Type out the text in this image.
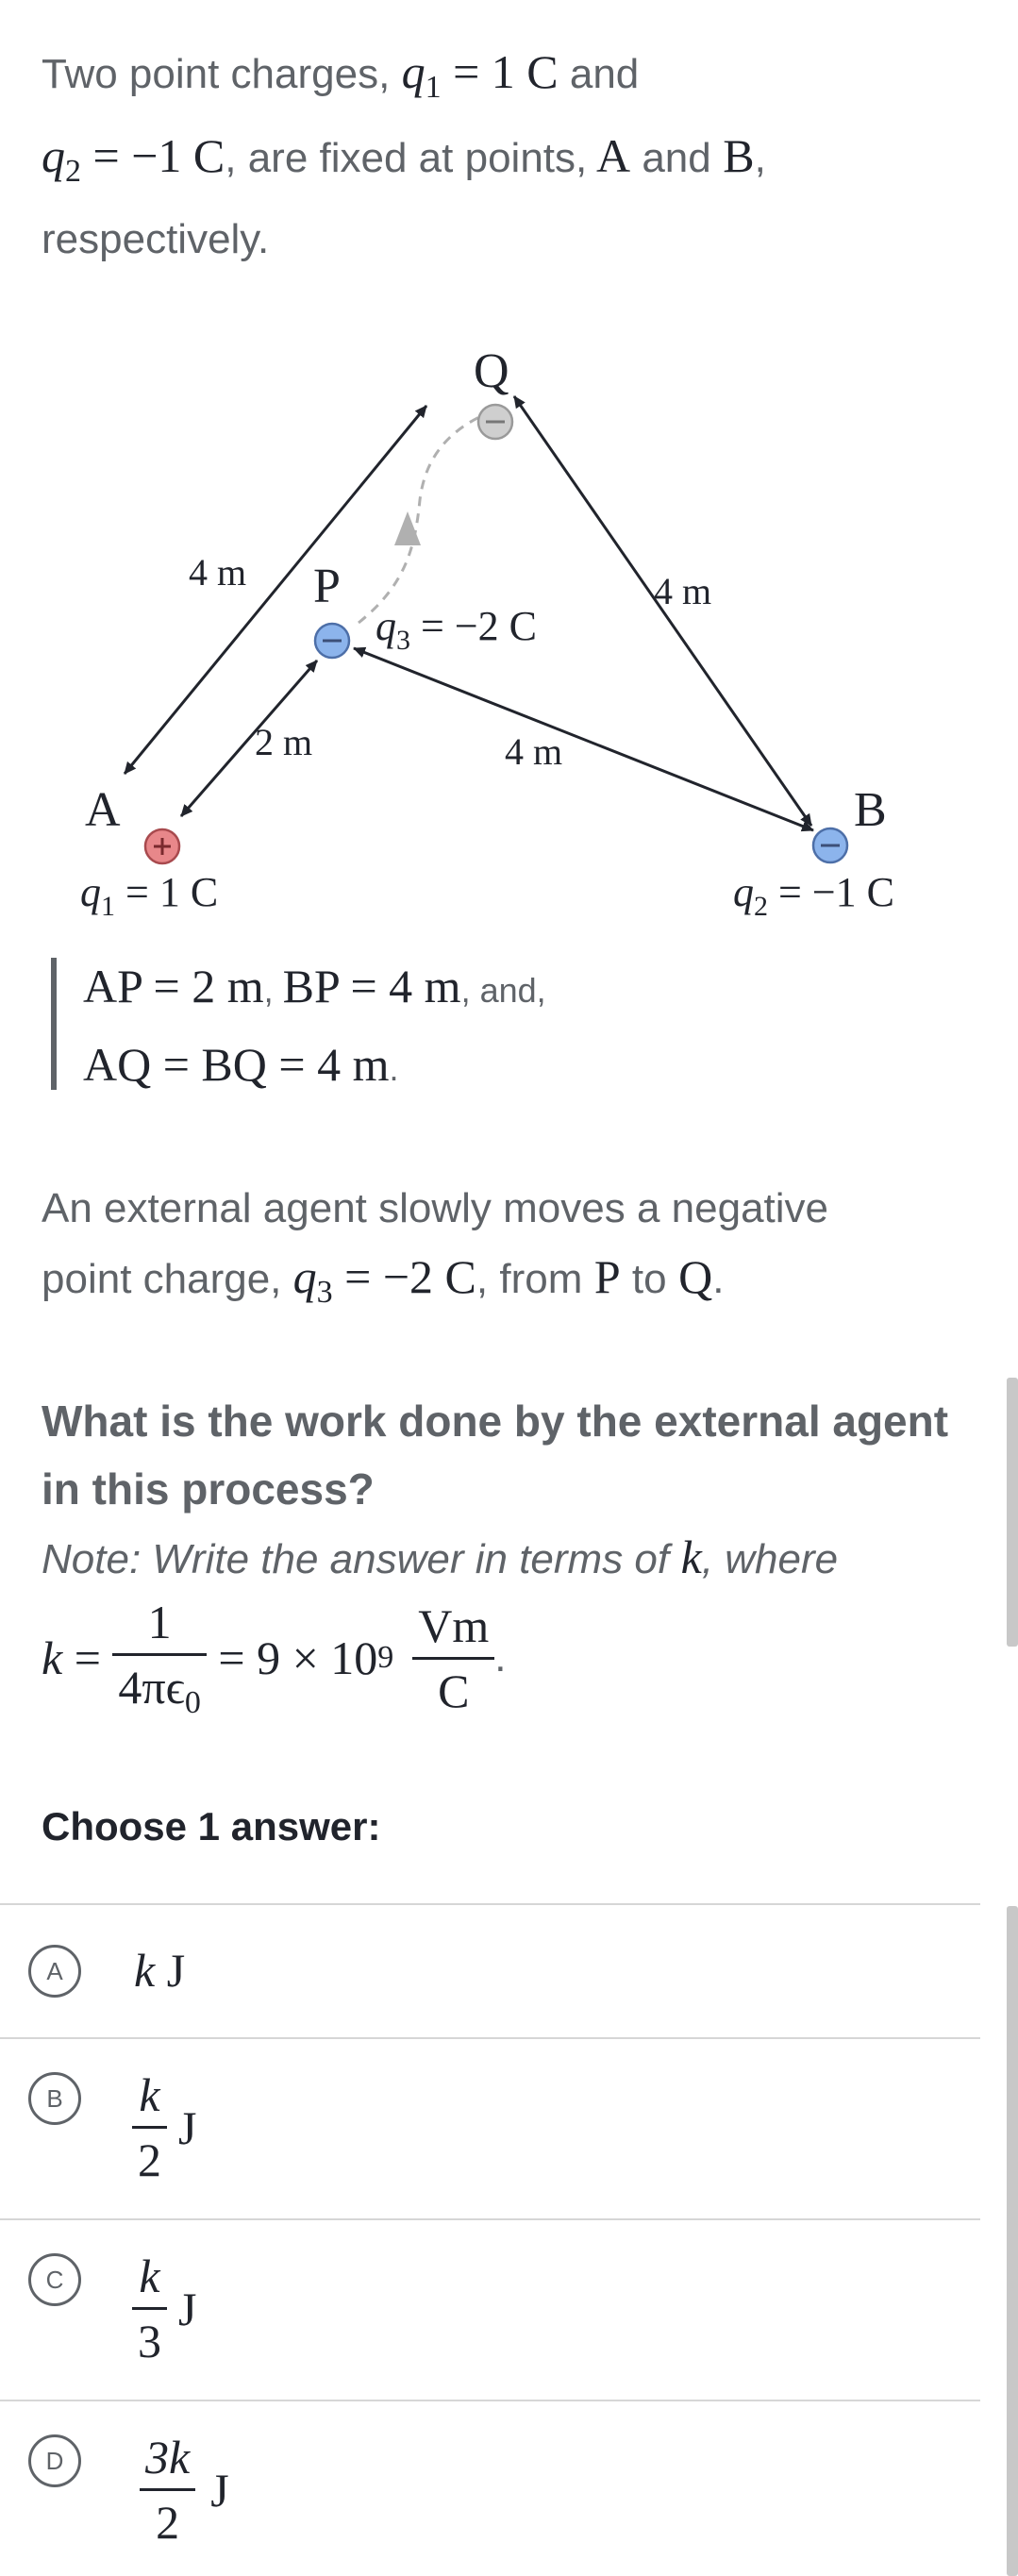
Two point charges, $q_1 = 1$ C and
$q_2 = -1$ C, are fixed at points, A and B,
respectively.
Q
P
A	B
4 m	4 m
2 m	4 m
$q_3 = -2$ C
$q_1 = 1$ C	$q_2 = -1$ C
AP = 2 m, BP = 4 m, and,
AQ = BQ = 4 m.
An external agent slowly moves a negative
point charge, $q_3 = -2$ C, from P to Q.
What is the work done by the external agent
in this process?
Note: Write the answer in terms of k, where
$k = \frac{1}{4\pi\epsilon_0} = 9 \times 10$ $9 \frac{Vm}{C}$ .
Choose 1 answer:
A	k J
B	$\frac{k}{2}$ J
C	$\frac{k}{3}$ J
D	$\frac{3k}{2}$ J
